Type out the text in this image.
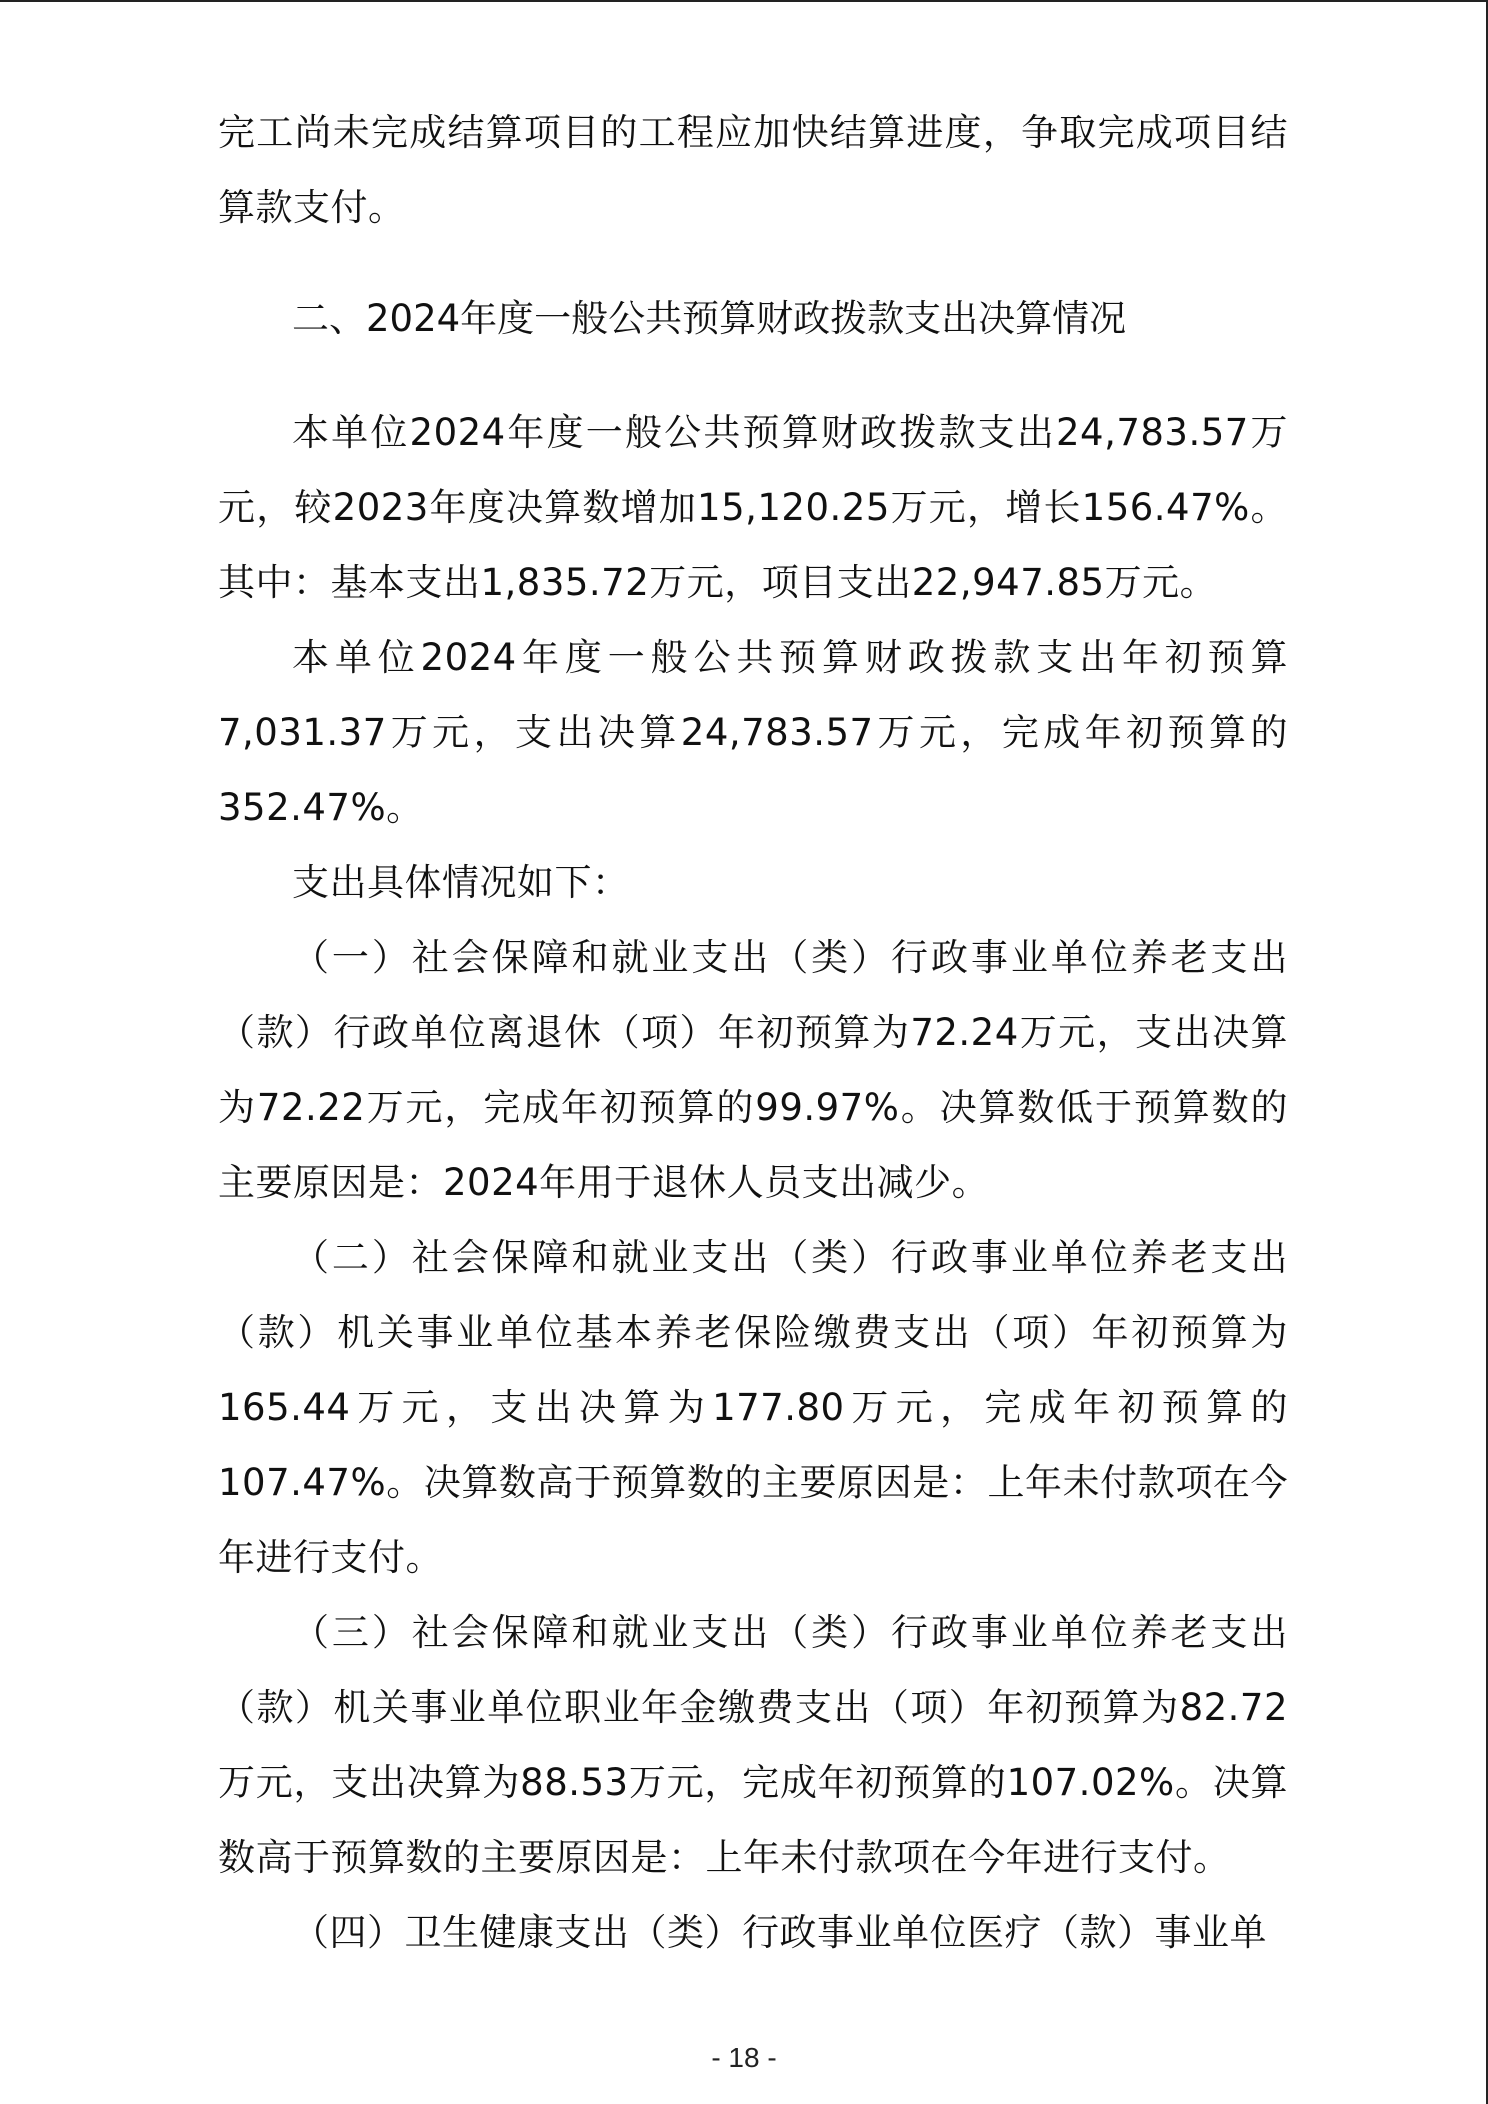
完工尚未完成结算项目的工程应加快结算进度，争取完成项目结算款支付。

二、2024年度一般公共预算财政拨款支出决算情况

本单位2024年度一般公共预算财政拨款支出24,783.57万元，较2023年度决算数增加15,120.25万元，增长156.47%。其中：基本支出1,835.72万元，项目支出22,947.85万元。

本单位2024年度一般公共预算财政拨款支出年初预算7,031.37万元，支出决算24,783.57万元，完成年初预算的352.47%。

支出具体情况如下：

（一）社会保障和就业支出（类）行政事业单位养老支出（款）行政单位离退休（项）年初预算为72.24万元，支出决算为72.22万元，完成年初预算的99.97%。决算数低于预算数的主要原因是：2024年用于退休人员支出减少。

（二）社会保障和就业支出（类）行政事业单位养老支出（款）机关事业单位基本养老保险缴费支出（项）年初预算为165.44万元，支出决算为177.80万元，完成年初预算的107.47%。决算数高于预算数的主要原因是：上年未付款项在今年进行支付。

（三）社会保障和就业支出（类）行政事业单位养老支出（款）机关事业单位职业年金缴费支出（项）年初预算为82.72万元，支出决算为88.53万元，完成年初预算的107.02%。决算数高于预算数的主要原因是：上年未付款项在今年进行支付。

（四）卫生健康支出（类）行政事业单位医疗（款）事业单

- 18 -
